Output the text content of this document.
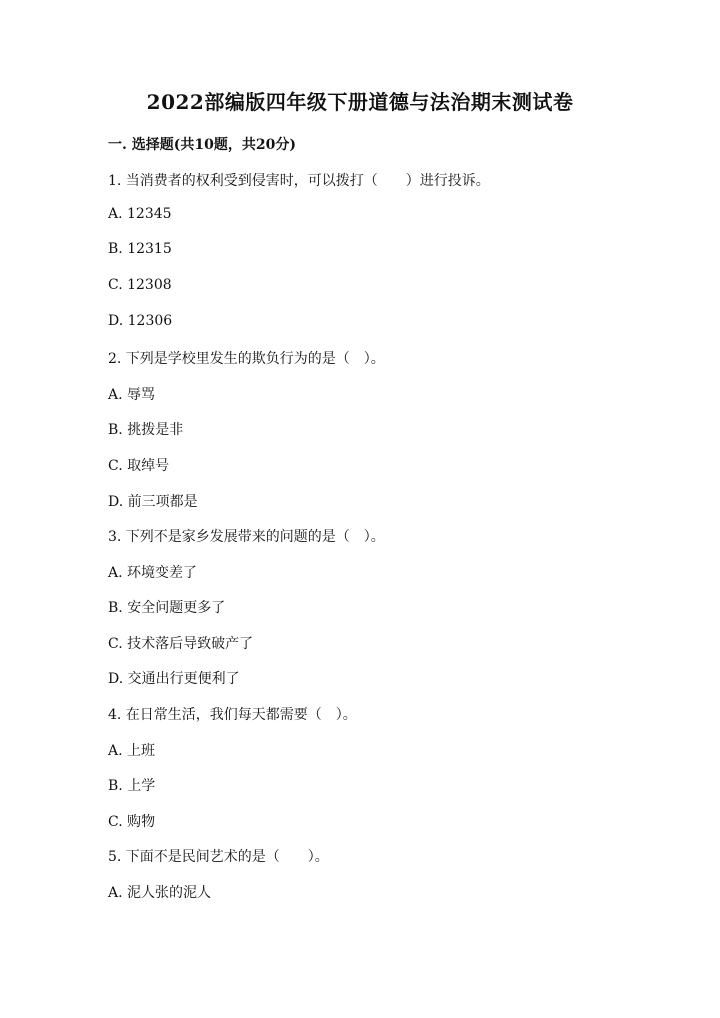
2022部编版四年级下册道德与法治期末测试卷
一. 选择题(共10题，共20分)
1. 当消费者的权利受到侵害时，可以拨打（　　）进行投诉。
A. 12345
B. 12315
C. 12308
D. 12306
2. 下列是学校里发生的欺负行为的是（　）。
A. 辱骂
B. 挑拨是非
C. 取绰号
D. 前三项都是
3. 下列不是家乡发展带来的问题的是（　）。
A. 环境变差了
B. 安全问题更多了
C. 技术落后导致破产了
D. 交通出行更便利了
4. 在日常生活，我们每天都需要（　）。
A. 上班
B. 上学
C. 购物
5. 下面不是民间艺术的是（　　）。
A. 泥人张的泥人
